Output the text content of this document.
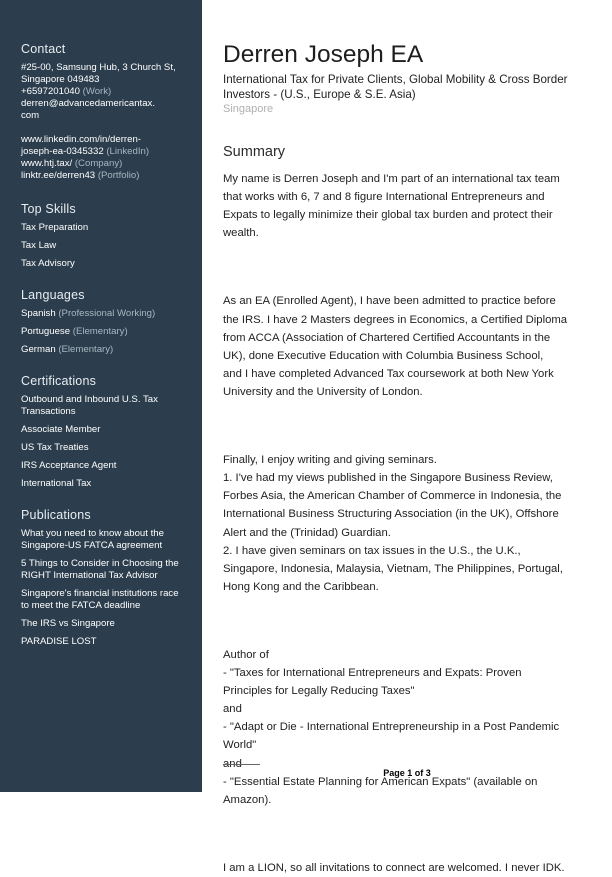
Contact
#25-00, Samsung Hub, 3 Church St,
Singapore 049483
+6597201040 (Work)
derren@advancedamericantax.
com
www.linkedin.com/in/derren-
joseph-ea-0345332 (LinkedIn)
www.htj.tax/ (Company)
linktr.ee/derren43 (Portfolio)
Top Skills
Tax Preparation
Tax Law
Tax Advisory
Languages
Spanish (Professional Working)
Portuguese (Elementary)
German (Elementary)
Certifications
Outbound and Inbound U.S. Tax
Transactions
Associate Member
US Tax Treaties
IRS Acceptance Agent
International Tax
Publications
What you need to know about the
Singapore-US FATCA agreement
5 Things to Consider in Choosing the
RIGHT International Tax Advisor
Singapore's financial institutions race
to meet the FATCA deadline
The IRS vs Singapore
PARADISE LOST
Derren Joseph EA

International Tax for Private Clients, Global Mobility & Cross Border

Investors - (U.S., Europe & S.E. Asia)

Singapore

Summary

My name is Derren Joseph and I'm part of an international tax team

that works with 6, 7 and 8 figure International Entrepreneurs and

Expats to legally minimize their global tax burden and protect their

wealth.

As an EA (Enrolled Agent), I have been admitted to practice before

the IRS. I have 2 Masters degrees in Economics, a Certified Diploma

from ACCA (Association of Chartered Certified Accountants in the

UK), done Executive Education with Columbia Business School,

and I have completed Advanced Tax coursework at both New York

University and the University of London.

Finally, I enjoy writing and giving seminars.

1. I've had my views published in the Singapore Business Review,

Forbes Asia, the American Chamber of Commerce in Indonesia, the

International Business Structuring Association (in the UK), Offshore

Alert and the (Trinidad) Guardian.

2. I have given seminars on tax issues in the U.S., the U.K.,

Singapore, Indonesia, Malaysia, Vietnam, The Philippines, Portugal,

Hong Kong and the Caribbean.

Author of

- "Taxes for International Entrepreneurs and Expats: Proven

Principles for Legally Reducing Taxes"

and

- "Adapt or Die - International Entrepreneurship in a Post Pandemic

World"

and

- "Essential Estate Planning for American Expats" (available on

Amazon).

I am a LION, so all invitations to connect are welcomed. I never IDK.

Page 1 of 3
